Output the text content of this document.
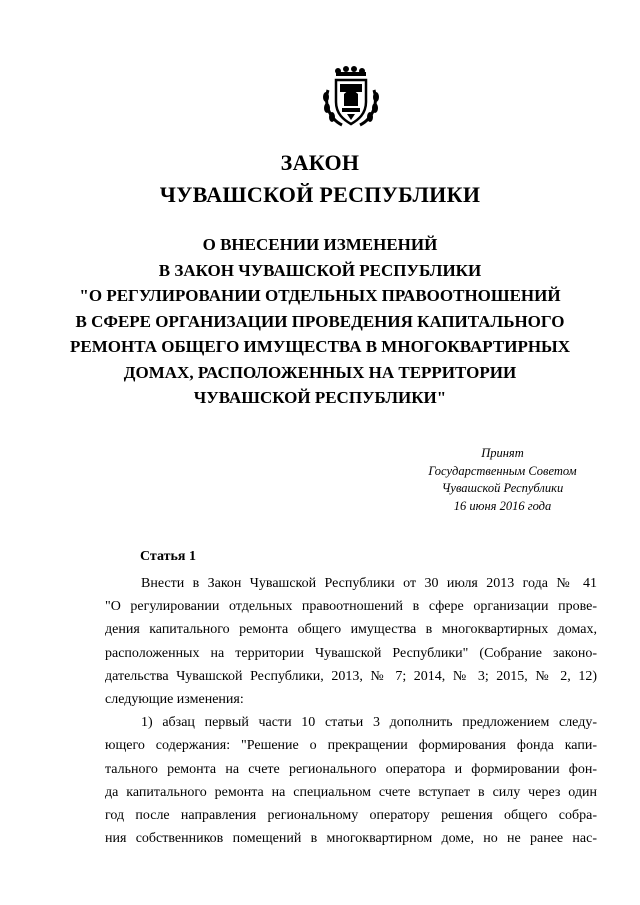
ЗАКОН
ЧУВАШСКОЙ РЕСПУБЛИКИ
О ВНЕСЕНИИ ИЗМЕНЕНИЙ
В ЗАКОН ЧУВАШСКОЙ РЕСПУБЛИКИ
"О РЕГУЛИРОВАНИИ ОТДЕЛЬНЫХ ПРАВООТНОШЕНИЙ
В СФЕРЕ ОРГАНИЗАЦИИ ПРОВЕДЕНИЯ КАПИТАЛЬНОГО
РЕМОНТА ОБЩЕГО ИМУЩЕСТВА В МНОГОКВАРТИРНЫХ
ДОМАХ, РАСПОЛОЖЕННЫХ НА ТЕРРИТОРИИ
ЧУВАШСКОЙ РЕСПУБЛИКИ"
Принят
Государственным Советом
Чувашской Республики
16 июня 2016 года
Статья 1
Внести в Закон Чувашской Республики от 30 июля 2013 года № 41
"О регулировании отдельных правоотношений в сфере организации прове-
дения капитального ремонта общего имущества в многоквартирных домах,
расположенных на территории Чувашской Республики" (Собрание законо-
дательства Чувашской Республики, 2013, № 7; 2014, № 3; 2015, № 2, 12)
следующие изменения:
1) абзац первый части 10 статьи 3 дополнить предложением следу-
ющего содержания: "Решение о прекращении формирования фонда капи-
тального ремонта на счете регионального оператора и формировании фон-
да капитального ремонта на специальном счете вступает в силу через один
год после направления региональному оператору решения общего собра-
ния собственников помещений в многоквартирном доме, но не ранее нас-
